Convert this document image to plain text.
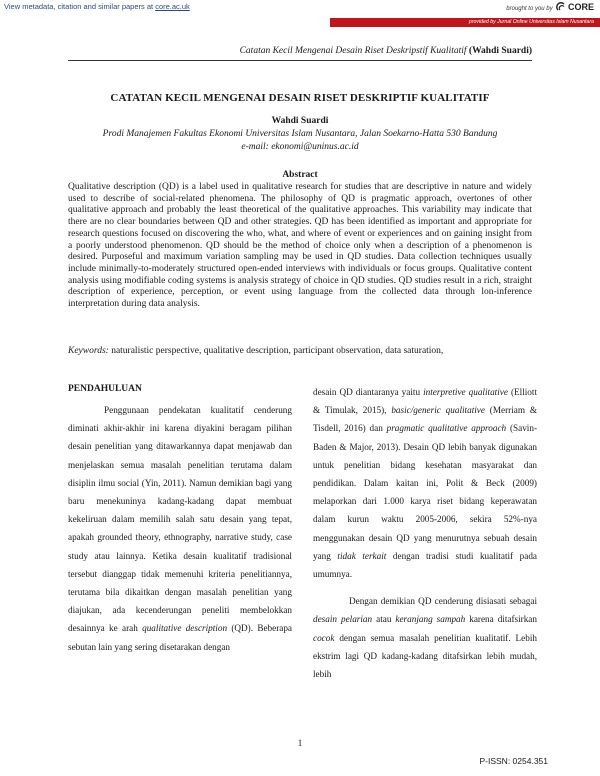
View metadata, citation and similar papers at core.ac.uk	brought to you by CORE
provided by Jurnal Online Universitas Islam Nusantara
Catatan Kecil Mengenai Desain Riset Deskripstif Kualitatif (Wahdi Suardi)
CATATAN KECIL MENGENAI DESAIN RISET DESKRIPTIF KUALITATIF
Wahdi Suardi
Prodi Manajemen Fakultas Ekonomi Universitas Islam Nusantara, Jalan Soekarno-Hatta 530 Bandung
e-mail: ekonomi@uninus.ac.id
Abstract

Qualitative description (QD) is a label used in qualitative research for studies that are descriptive in nature and widely used to describe of social-related phenomena. The philosophy of QD is pragmatic approach, overtones of other qualitative approach and probably the least theoretical of the qualitative approaches. This variability may indicate that there are no clear boundaries between QD and other strategies. QD has been identified as important and appropriate for research questions focused on discovering the who, what, and where of event or experiences and on gaining insight from a poorly understood phenomenon. QD should be the method of choice only when a description of a phenomenon is desired. Purposeful and maximum variation sampling may be used in QD studies. Data collection techniques usually include minimally-to-moderately structured open-ended interviews with individuals or focus groups. Qualitative content analysis using modifiable coding systems is analysis strategy of choice in QD studies. QD studies result in a rich, straight description of experience, perception, or event using language from the collected data through lon-inference interpretation during data analysis.

Keywords: naturalistic perspective, qualitative description, participant observation, data saturation,

PENDAHULUAN

Penggunaan pendekatan kualitatif cenderung diminati akhir-akhir ini karena diyakini beragam pilihan desain penelitian yang ditawarkannya dapat menjawab dan menjelaskan semua masalah penelitian terutama dalam disiplin ilmu social (Yin, 2011). Namun demikian bagi yang baru menekuninya kadang-kadang dapat membuat kekeliruan dalam memilih salah satu desain yang tepat, apakah grounded theory, ethnography, narrative study, case study atau lainnya. Ketika desain kualitatif tradisional tersebut dianggap tidak memenuhi kriteria penelitiannya, terutama bila dikaitkan dengan masalah penelitian yang diajukan, ada kecenderungan peneliti membelokkan desainnya ke arah qualitative description (QD). Beberapa sebutan lain yang sering disetarakan dengan

desain QD diantaranya yaitu interpretive qualitative (Elliott & Timulak, 2015), basic/generic qualitative (Merriam & Tisdell, 2016) dan pragmatic qualitative approach (Savin-Baden & Major, 2013). Desain QD lebih banyak digunakan untuk penelitian bidang kesehatan masyarakat dan pendidikan. Dalam kaitan ini, Polit & Beck (2009) melaporkan dari 1.000 karya riset bidang keperawatan dalam kurun waktu 2005-2006, sekira 52%-nya menggunakan desain QD yang menurutnya sebuah desain yang tidak terkait dengan tradisi studi kualitatif pada umumnya.

Dengan demikian QD cenderung disiasati sebagai desain pelarian atau keranjang sampah karena ditafsirkan cocok dengan semua masalah penelitian kualitatif. Lebih ekstrim lagi QD kadang-kadang ditafsirkan lebih mudah, lebih

1
P-ISSN: 0254.351
